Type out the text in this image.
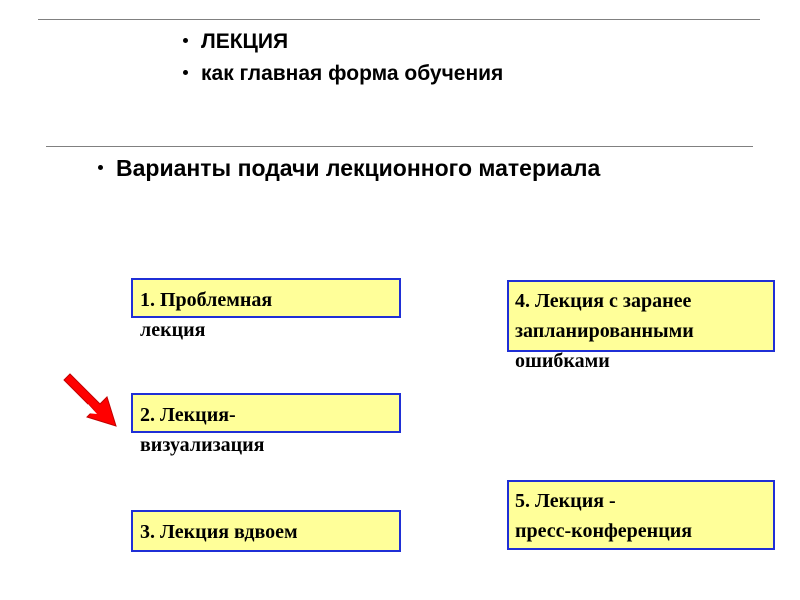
ЛЕКЦИЯ
как главная форма обучения
Варианты подачи лекционного материала
1. Проблемная
лекция
2. Лекция-
визуализация
3. Лекция вдвоем
4. Лекция с заранее
запланированными
ошибками
5. Лекция -
пресс-конференция
